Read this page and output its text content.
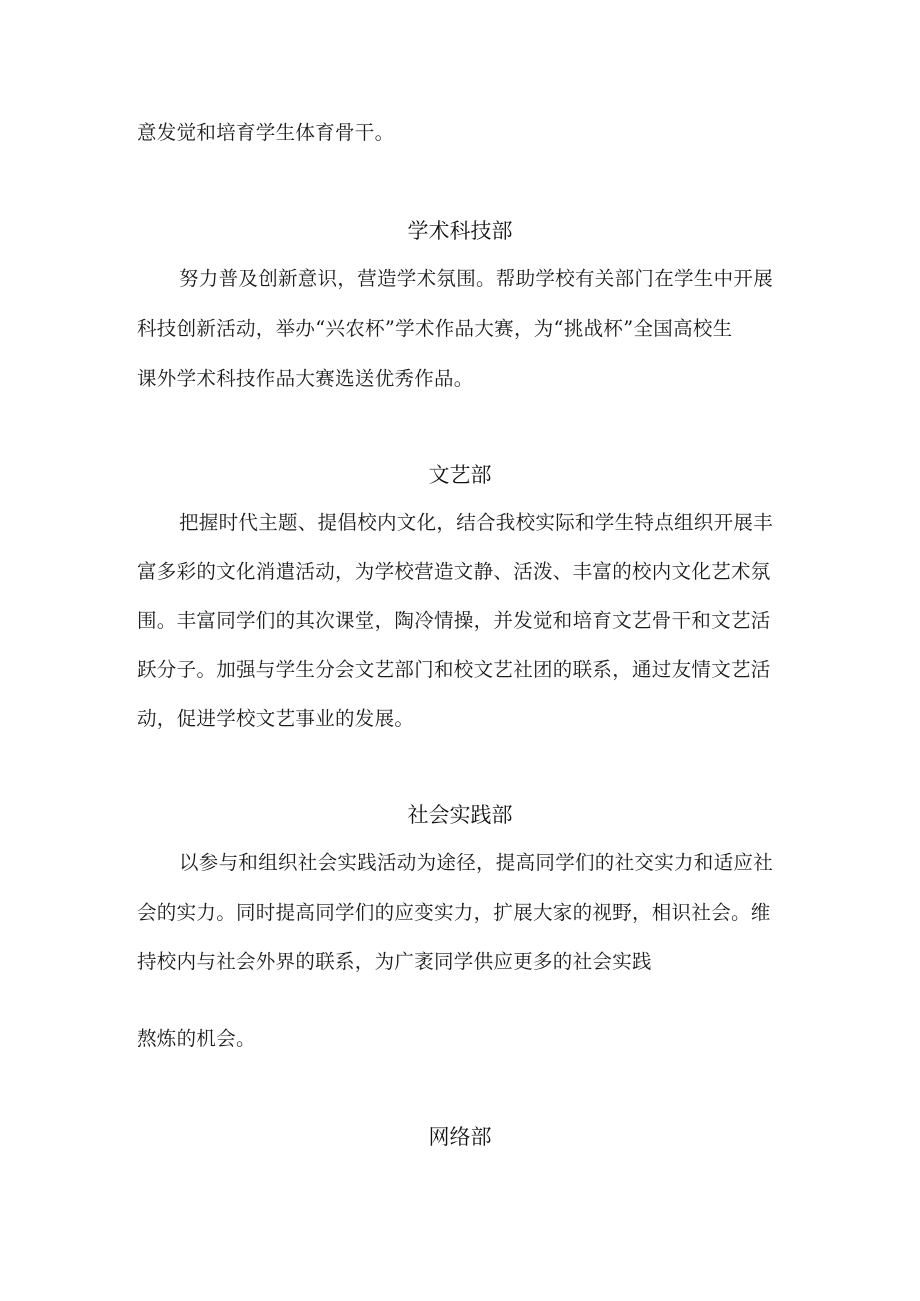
意发觉和培育学生体育骨干。
学术科技部
努力普及创新意识，营造学术氛围。帮助学校有关部门在学生中开展
科技创新活动，举办“兴农杯”学术作品大赛，为“挑战杯”全国高校生
课外学术科技作品大赛选送优秀作品。
文艺部
把握时代主题、提倡校内文化，结合我校实际和学生特点组织开展丰
富多彩的文化消遣活动，为学校营造文静、活泼、丰富的校内文化艺术氛
围。丰富同学们的其次课堂，陶冷情操，并发觉和培育文艺骨干和文艺活
跃分子。加强与学生分会文艺部门和校文艺社团的联系，通过友情文艺活
动，促进学校文艺事业的发展。
社会实践部
以参与和组织社会实践活动为途径，提高同学们的社交实力和适应社
会的实力。同时提高同学们的应变实力，扩展大家的视野，相识社会。维
持校内与社会外界的联系，为广袤同学供应更多的社会实践
熬炼的机会。
网络部
